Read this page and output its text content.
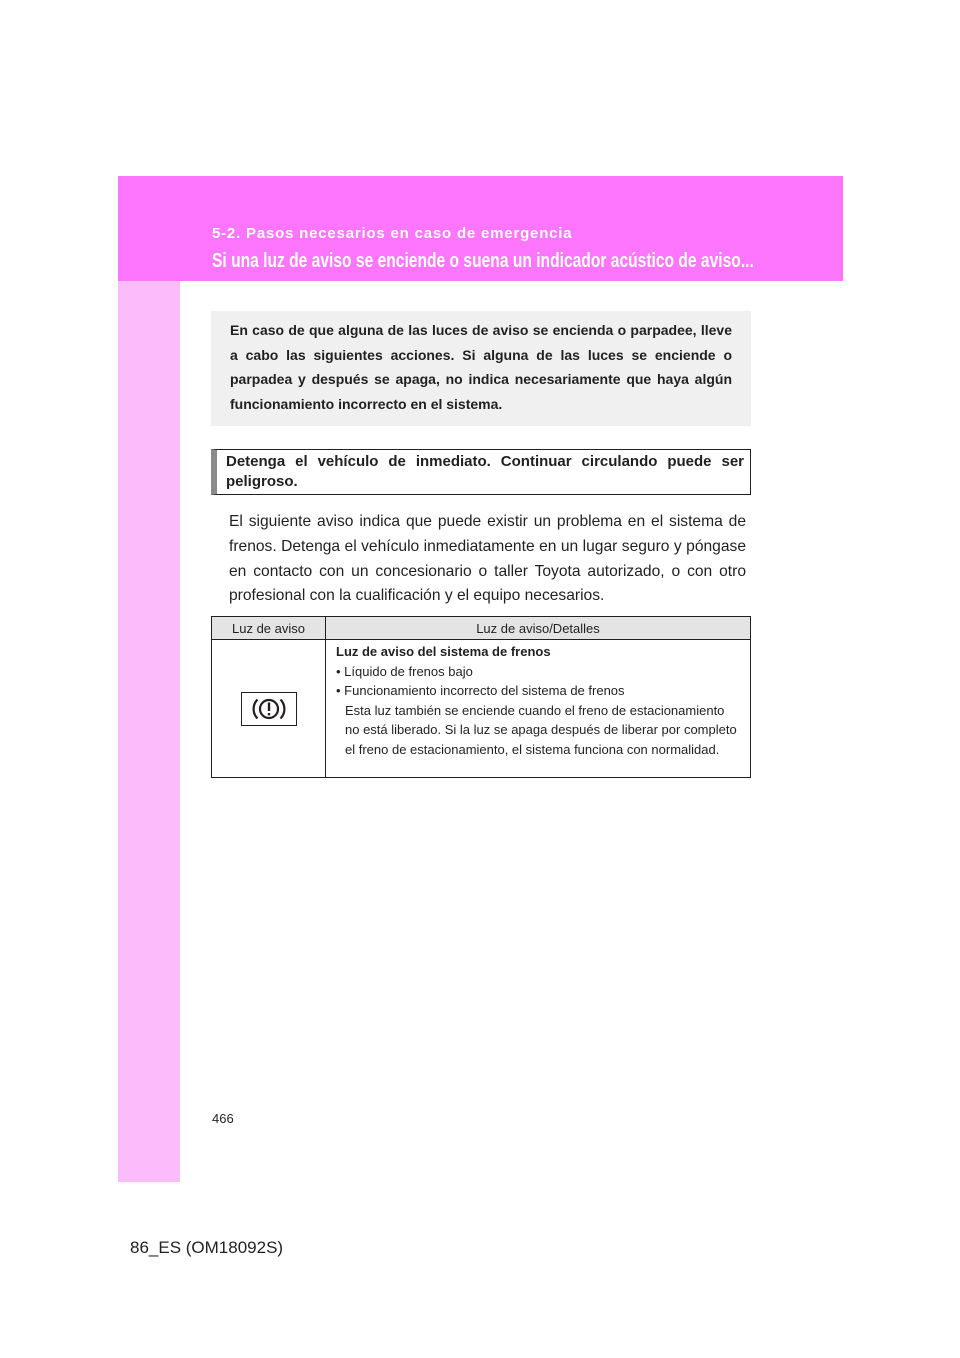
5-2. Pasos necesarios en caso de emergencia
Si una luz de aviso se enciende o suena un indicador acústico de aviso...

En caso de que alguna de las luces de aviso se encienda o parpadee, lleve a cabo las siguientes acciones. Si alguna de las luces se enciende o parpadea y después se apaga, no indica necesariamente que haya algún funcionamiento incorrecto en el sistema.

Detenga el vehículo de inmediato. Continuar circulando puede ser peligroso.

El siguiente aviso indica que puede existir un problema en el sistema de frenos. Detenga el vehículo inmediatamente en un lugar seguro y póngase en contacto con un concesionario o taller Toyota autorizado, o con otro profesional con la cualificación y el equipo necesarios.

Luz de aviso	Luz de aviso/Detalles

Luz de aviso del sistema de frenos
• Líquido de frenos bajo
• Funcionamiento incorrecto del sistema de frenos
Esta luz también se enciende cuando el freno de estacionamiento no está liberado. Si la luz se apaga después de liberar por completo el freno de estacionamiento, el sistema funciona con normalidad.
466
86_ES (OM18092S)
